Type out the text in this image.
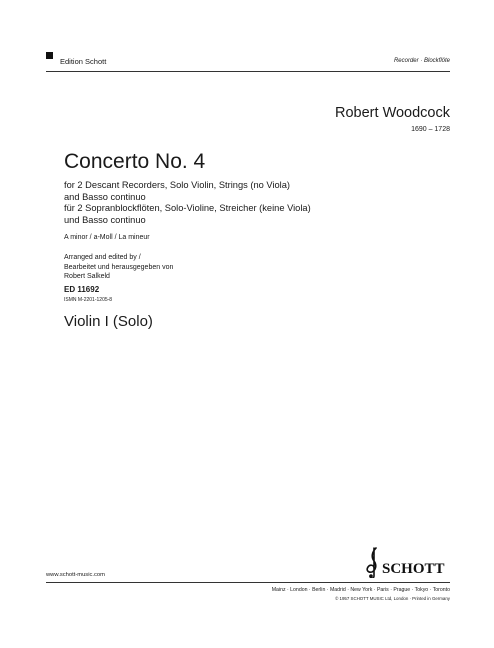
Edition Schott	Recorder · Blockflöte
Robert Woodcock
1690 – 1728
Concerto No. 4
for 2 Descant Recorders, Solo Violin, Strings (no Viola)
and Basso continuo
für 2 Sopranblockflöten, Solo-Violine, Streicher (keine Viola)
und Basso continuo
A minor / a-Moll / La mineur
Arranged and edited by /
Bearbeitet und herausgegeben von
Robert Salkeld
ED 11692
ISMN M-2201-1205-8
Violin I (Solo)
www.schott-music.com	SCHOTT
Mainz · London · Berlin · Madrid · New York · Paris · Prague · Tokyo · Toronto
© 1957 SCHOTT MUSIC Ltd, London · Printed in Germany
